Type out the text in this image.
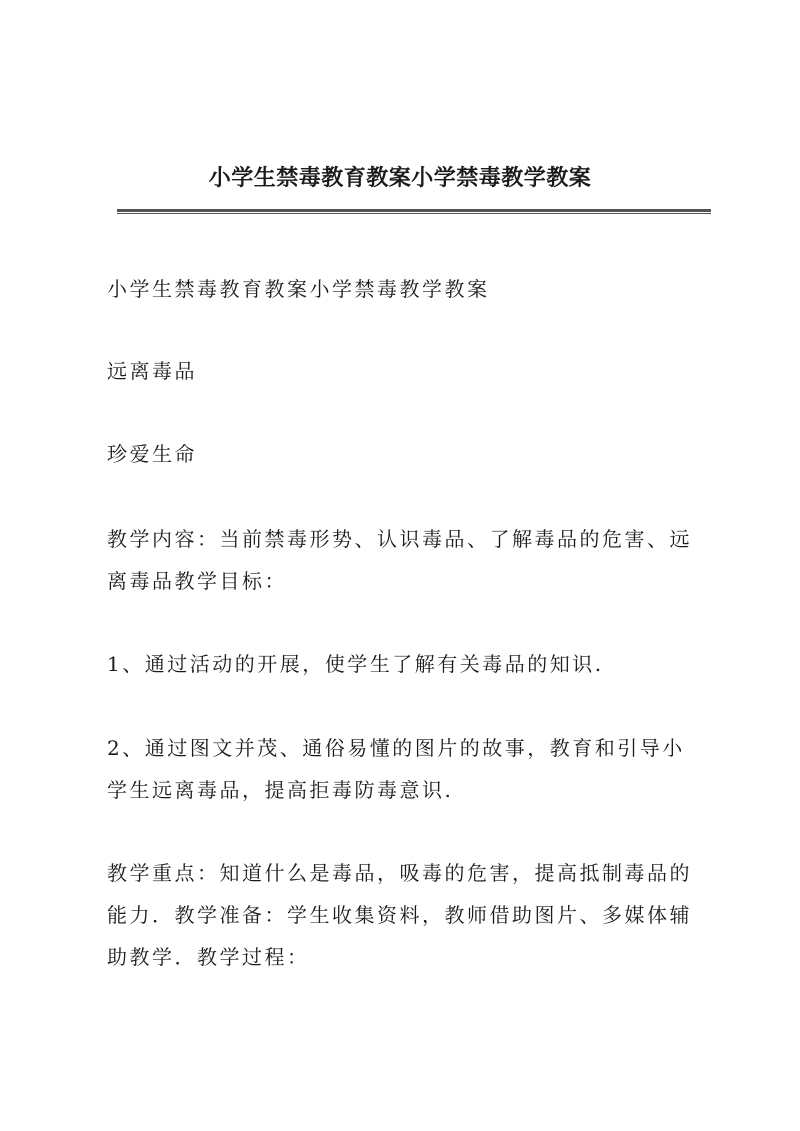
小学生禁毒教育教案小学禁毒教学教案

小学生禁毒教育教案小学禁毒教学教案

远离毒品

珍爱生命

教学内容：当前禁毒形势、认识毒品、了解毒品的危害、远离毒品教学目标：

1、通过活动的开展，使学生了解有关毒品的知识.

2、通过图文并茂、通俗易懂的图片的故事，教育和引导小学生远离毒品，提高拒毒防毒意识.

教学重点：知道什么是毒品，吸毒的危害，提高抵制毒品的能力．教学准备：学生收集资料，教师借助图片、多媒体辅助教学．教学过程：
